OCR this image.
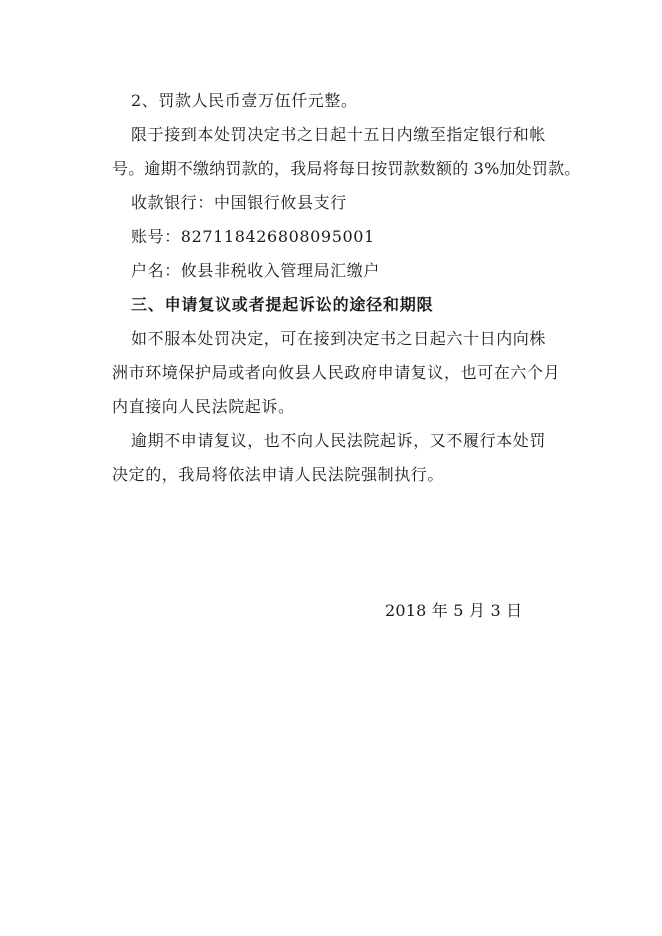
2、罚款人民币壹万伍仟元整。
限于接到本处罚决定书之日起十五日内缴至指定银行和帐
号。逾期不缴纳罚款的，我局将每日按罚款数额的 3%加处罚款。
收款银行：中国银行攸县支行
账号：827118426808095001
户名：攸县非税收入管理局汇缴户
三、申请复议或者提起诉讼的途径和期限
如不服本处罚决定，可在接到决定书之日起六十日内向株
洲市环境保护局或者向攸县人民政府申请复议，也可在六个月
内直接向人民法院起诉。
逾期不申请复议，也不向人民法院起诉，又不履行本处罚
决定的，我局将依法申请人民法院强制执行。
2018 年 5 月 3 日
